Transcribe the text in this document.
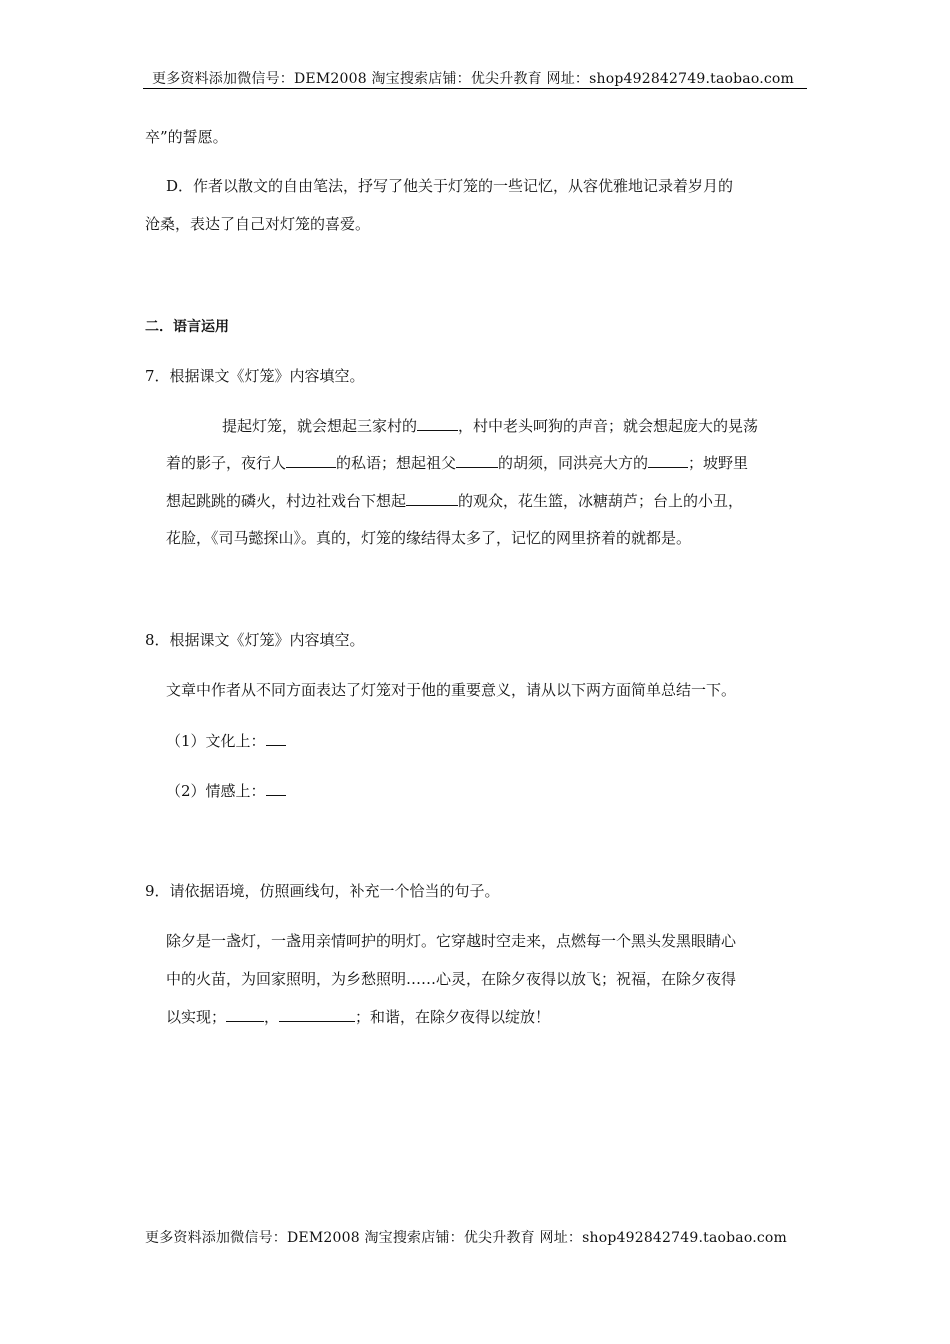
更多资料添加微信号：DEM2008 淘宝搜索店铺：优尖升教育 网址：shop492842749.taobao.com
卒”的誓愿。
D．作者以散文的自由笔法，抒写了他关于灯笼的一些记忆，从容优雅地记录着岁月的
沧桑，表达了自己对灯笼的喜爱。
二．语言运用
7．根据课文《灯笼》内容填空。
提起灯笼，就会想起三家村的	，村中老头呵狗的声音；就会想起庞大的晃荡
着的影子，夜行人	的私语；想起祖父	的胡须，同洪亮大方的	；坡野里
想起跳跳的磷火，村边社戏台下想起	的观众，花生篮，冰糖葫芦；台上的小丑，
花脸，《司马懿探山》。真的，灯笼的缘结得太多了，记忆的网里挤着的就都是。
8．根据课文《灯笼》内容填空。
文章中作者从不同方面表达了灯笼对于他的重要意义，请从以下两方面简单总结一下。
（1）文化上：
（2）情感上：
9．请依据语境，仿照画线句，补充一个恰当的句子。
除夕是一盏灯，一盏用亲情呵护的明灯。它穿越时空走来，点燃每一个黑头发黑眼睛心
中的火苗，为回家照明，为乡愁照明……心灵，在除夕夜得以放飞；祝福，在除夕夜得
以实现；	，	；和谐，在除夕夜得以绽放！
更多资料添加微信号：DEM2008 淘宝搜索店铺：优尖升教育 网址：shop492842749.taobao.com
